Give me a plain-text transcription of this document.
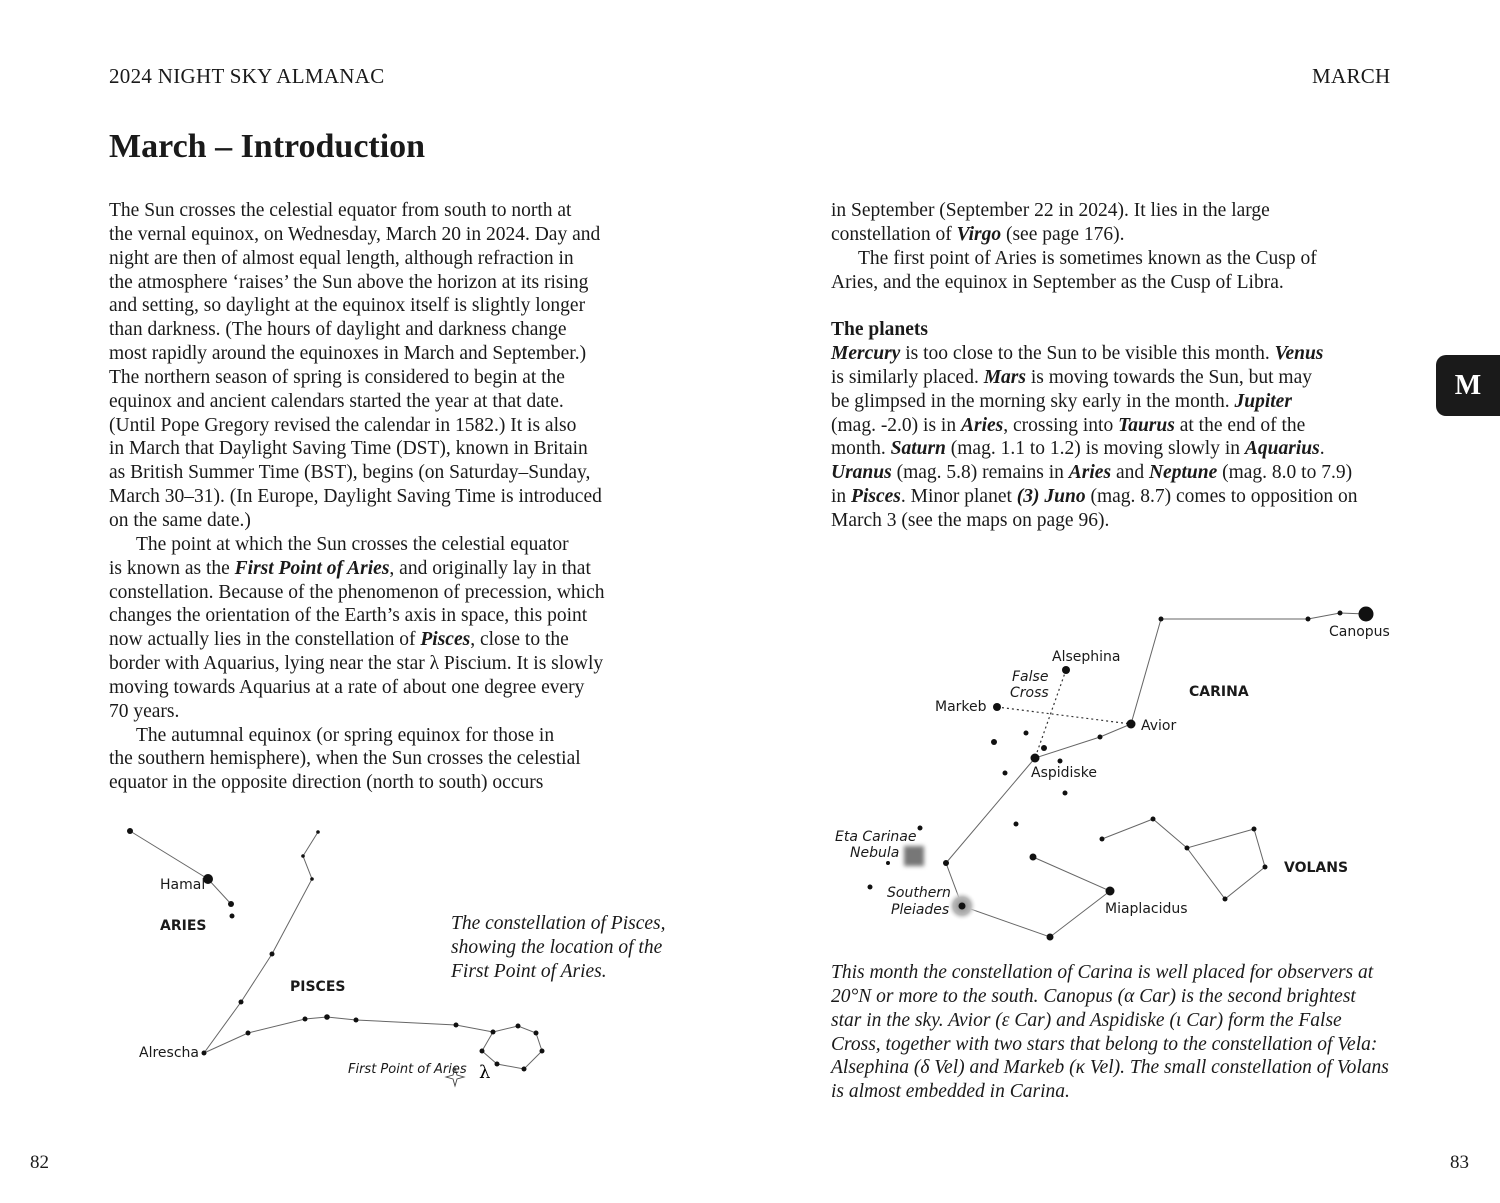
2024 NIGHT SKY ALMANAC	MARCH
March – Introduction

The Sun crosses the celestial equator from south to north at
the vernal equinox, on Wednesday, March 20 in 2024. Day and
night are then of almost equal length, although refraction in
the atmosphere ‘raises’ the Sun above the horizon at its rising
and setting, so daylight at the equinox itself is slightly longer
than darkness. (The hours of daylight and darkness change
most rapidly around the equinoxes in March and September.)
The northern season of spring is considered to begin at the
equinox and ancient calendars started the year at that date.
(Until Pope Gregory revised the calendar in 1582.) It is also
in March that Daylight Saving Time (DST), known in Britain
as British Summer Time (BST), begins (on Saturday–Sunday,
March 30–31). (In Europe, Daylight Saving Time is introduced
on the same date.)

The point at which the Sun crosses the celestial equator
is known as the First Point of Aries, and originally lay in that
constellation. Because of the phenomenon of precession, which
changes the orientation of the Earth’s axis in space, this point
now actually lies in the constellation of Pisces, close to the
border with Aquarius, lying near the star λ Piscium. It is slowly
moving towards Aquarius at a rate of about one degree every
70 years.

The autumnal equinox (or spring equinox for those in
the southern hemisphere), when the Sun crosses the celestial
equator in the opposite direction (north to south) occurs

in September (September 22 in 2024). It lies in the large
constellation of Virgo (see page 176).

The first point of Aries is sometimes known as the Cusp of
Aries, and the equinox in September as the Cusp of Libra.

The planets
Mercury is too close to the Sun to be visible this month. Venus
is similarly placed. Mars is moving towards the Sun, but may
be glimpsed in the morning sky early in the month. Jupiter
(mag. -2.0) is in Aries, crossing into Taurus at the end of the
month. Saturn (mag. 1.1 to 1.2) is moving slowly in Aquarius.
Uranus (mag. 5.8) remains in Aries and Neptune (mag. 8.0 to 7.9)
in Pisces. Minor planet (3) Juno (mag. 8.7) comes to opposition on
March 3 (see the maps on page 96).

M
Hamal
ARIES
PISCES
Alrescha
First Point of Aries λ
The constellation of Pisces,
showing the location of the
First Point of Aries.
Canopus
Alsephina
False
Cross
Markeb
CARINA
Avior
Aspidiske
Eta Carinae
Nebula
VOLANS
Southern
Pleiades	Miaplacidus
This month the constellation of Carina is well placed for observers at
20°N or more to the south. Canopus (α Car) is the second brightest
star in the sky. Avior (ε Car) and Aspidiske (ι Car) form the False
Cross, together with two stars that belong to the constellation of Vela:
Alsephina (δ Vel) and Markeb (κ Vel). The small constellation of Volans
is almost embedded in Carina.
82	83
